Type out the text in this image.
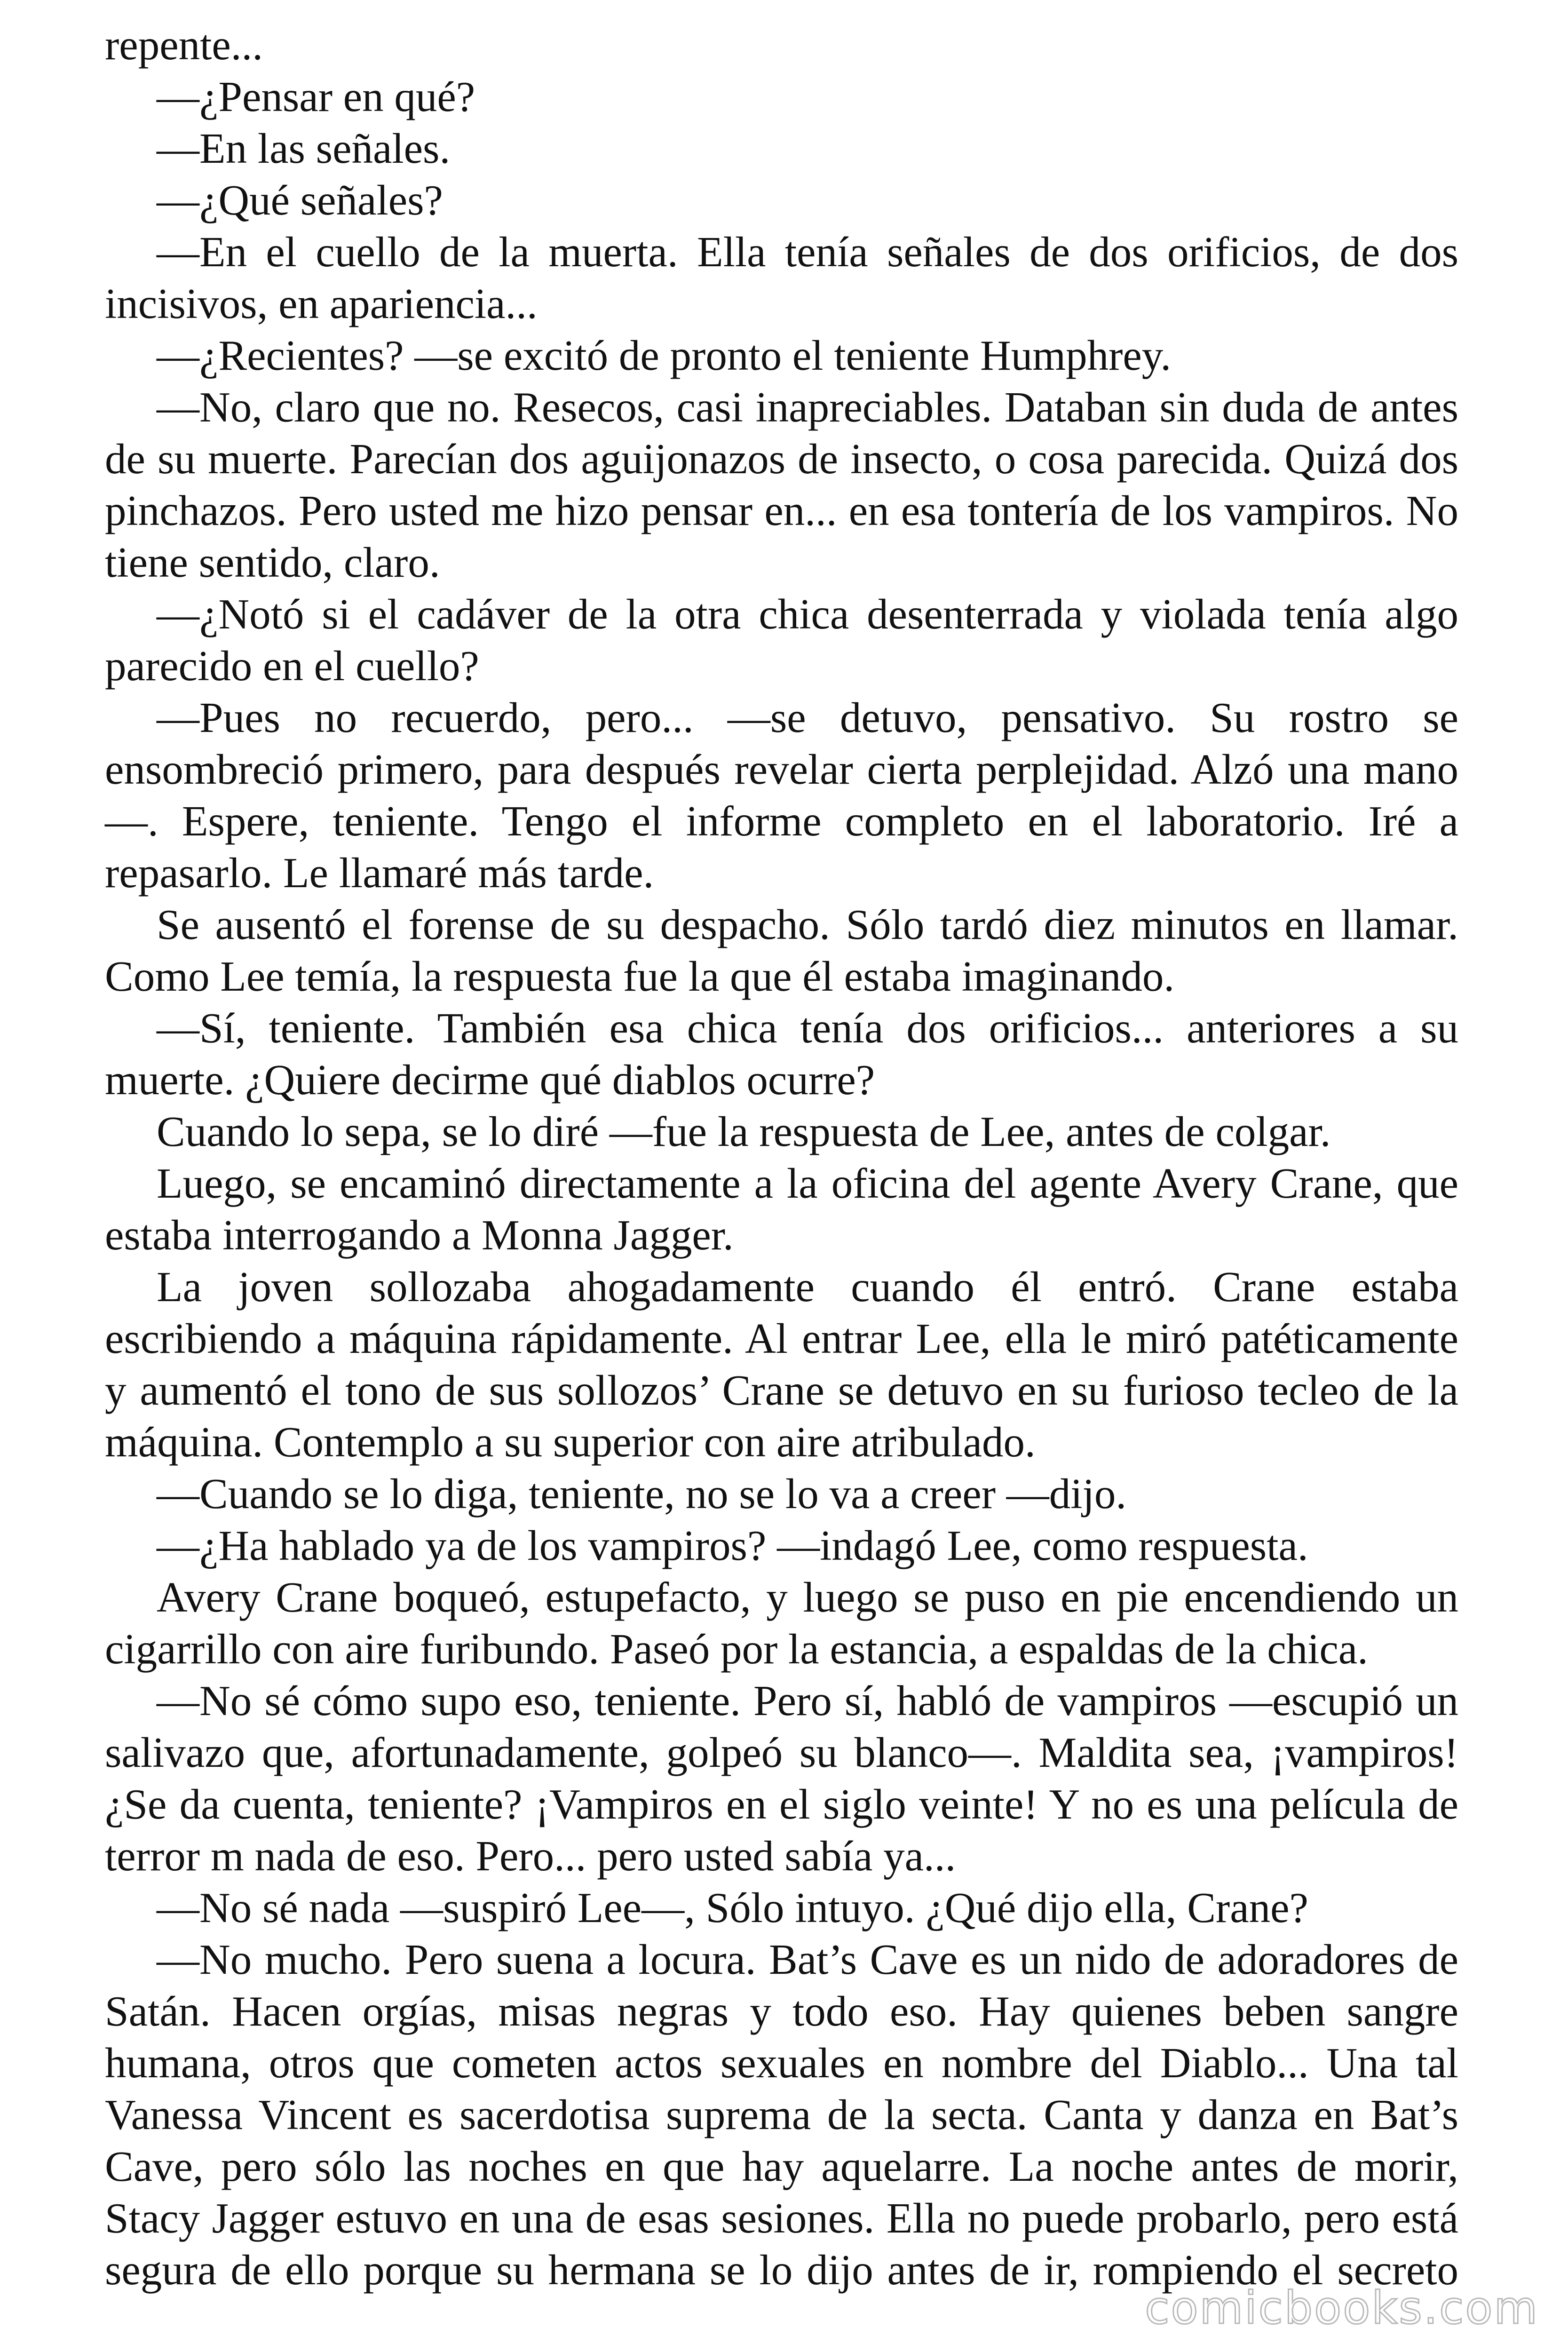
repente...
—¿Pensar en qué?
—En las señales.
—¿Qué señales?
—En el cuello de la muerta. Ella tenía señales de dos orificios, de dos
incisivos, en apariencia...
—¿Recientes? —se excitó de pronto el teniente Humphrey.
—No, claro que no. Resecos, casi inapreciables. Databan sin duda de antes
de su muerte. Parecían dos aguijonazos de insecto, o cosa parecida. Quizá dos
pinchazos. Pero usted me hizo pensar en... en esa tontería de los vampiros. No
tiene sentido, claro.
—¿Notó si el cadáver de la otra chica desenterrada y violada tenía algo
parecido en el cuello?
—Pues no recuerdo, pero... —se detuvo, pensativo. Su rostro se
ensombreció primero, para después revelar cierta perplejidad. Alzó una mano
—. Espere, teniente. Tengo el informe completo en el laboratorio. Iré a
repasarlo. Le llamaré más tarde.
Se ausentó el forense de su despacho. Sólo tardó diez minutos en llamar.
Como Lee temía, la respuesta fue la que él estaba imaginando.
—Sí, teniente. También esa chica tenía dos orificios... anteriores a su
muerte. ¿Quiere decirme qué diablos ocurre?
Cuando lo sepa, se lo diré —fue la respuesta de Lee, antes de colgar.
Luego, se encaminó directamente a la oficina del agente Avery Crane, que
estaba interrogando a Monna Jagger.
La joven sollozaba ahogadamente cuando él entró. Crane estaba
escribiendo a máquina rápidamente. Al entrar Lee, ella le miró patéticamente
y aumentó el tono de sus sollozos’ Crane se detuvo en su furioso tecleo de la
máquina. Contemplo a su superior con aire atribulado.
—Cuando se lo diga, teniente, no se lo va a creer —dijo.
—¿Ha hablado ya de los vampiros? —indagó Lee, como respuesta.
Avery Crane boqueó, estupefacto, y luego se puso en pie encendiendo un
cigarrillo con aire furibundo. Paseó por la estancia, a espaldas de la chica.
—No sé cómo supo eso, teniente. Pero sí, habló de vampiros —escupió un
salivazo que, afortunadamente, golpeó su blanco—. Maldita sea, ¡vampiros!
¿Se da cuenta, teniente? ¡Vampiros en el siglo veinte! Y no es una película de
terror m nada de eso. Pero... pero usted sabía ya...
—No sé nada —suspiró Lee—, Sólo intuyo. ¿Qué dijo ella, Crane?
—No mucho. Pero suena a locura. Bat’s Cave es un nido de adoradores de
Satán. Hacen orgías, misas negras y todo eso. Hay quienes beben sangre
humana, otros que cometen actos sexuales en nombre del Diablo... Una tal
Vanessa Vincent es sacerdotisa suprema de la secta. Canta y danza en Bat’s
Cave, pero sólo las noches en que hay aquelarre. La noche antes de morir,
Stacy Jagger estuvo en una de esas sesiones. Ella no puede probarlo, pero está
segura de ello porque su hermana se lo dijo antes de ir, rompiendo el secreto
comicbooks.com
